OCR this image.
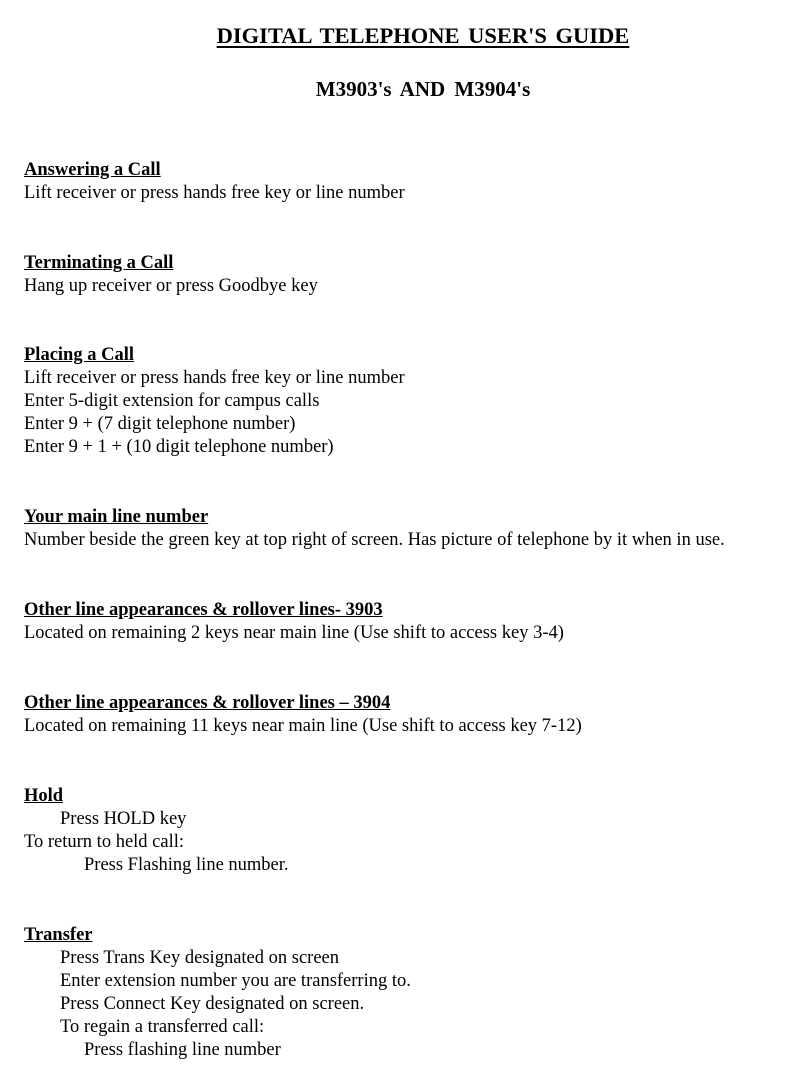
DIGITAL TELEPHONE USER'S GUIDE
M3903's AND M3904's

Answering a Call

Lift receiver or press hands free key or line number

Terminating a Call

Hang up receiver or press Goodbye key

Placing a Call

Lift receiver or press hands free key or line number

Enter 5-digit extension for campus calls

Enter 9 + (7 digit telephone number)

Enter 9 + 1 + (10 digit telephone number)

Your main line number

Number beside the green key at top right of screen. Has picture of telephone by it when in use.

Other line appearances & rollover lines- 3903

Located on remaining 2 keys near main line (Use shift to access key 3-4)

Other line appearances & rollover lines – 3904

Located on remaining 11 keys near main line (Use shift to access key 7-12)

Hold

Press HOLD key

To return to held call:

Press Flashing line number.

Transfer

Press Trans Key designated on screen

Enter extension number you are transferring to.

Press Connect Key designated on screen.

To regain a transferred call:

Press flashing line number
